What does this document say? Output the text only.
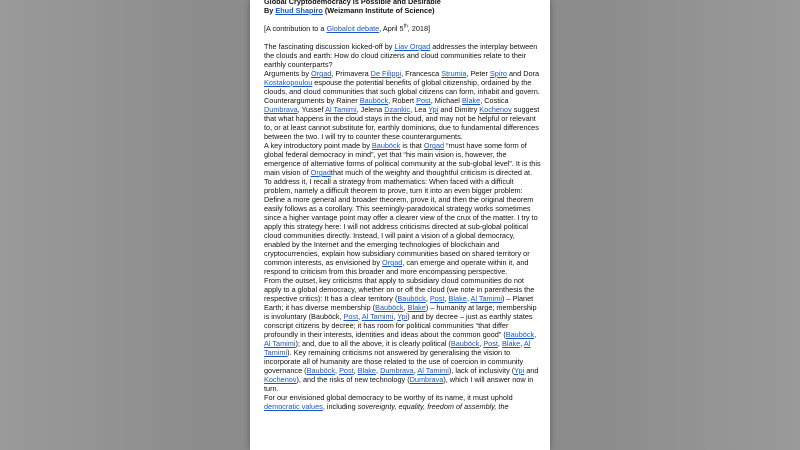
Global Cryptodemocracy is Possible and Desirable

By Ehud Shapiro (Weizmann Institute of Science)

[A contribution to a Globalcit debate, April 5th, 2018]

The fascinating discussion kicked-off by Liav Orgad addresses the interplay between the clouds and earth: How do cloud citizens and cloud communities relate to their earthly counterparts?

Arguments by Orgad, Primavera De Filippi, Francesca Strumia, Peter Spiro and Dora Kostakopoulou espouse the potential benefits of global citizenship, ordained by the clouds, and cloud communities that such global citizens can form, inhabit and govern. Counterarguments by Rainer Bauböck, Robert Post, Michael Blake, Costica Dumbrava, Yussef Al Tamimi, Jelena Dzankic, Lea Ypi and Dimitry Kochenov suggest that what happens in the cloud stays in the cloud, and may not be helpful or relevant to, or at least cannot substitute for, earthly dominions, due to fundamental differences between the two. I will try to counter these counterarguments.

A key introductory point made by Bauböck is that Orgad “must have some form of global federal democracy in mind”, yet that “his main vision is, however, the emergence of alternative forms of political community at the sub-global level”. It is this main vision of Orgadthat much of the weighty and thoughtful criticism is directed at.

To address it, I recall a strategy from mathematics: When faced with a difficult problem, namely a difficult theorem to prove, turn it into an even bigger problem: Define a more general and broader theorem, prove it, and then the original theorem easily follows as a corollary. This seemingly-paradoxical strategy works sometimes since a higher vantage point may offer a clearer view of the crux of the matter. I try to apply this strategy here: I will not address criticisms directed at sub-global political cloud communities directly. Instead, I will paint a vision of a global democracy, enabled by the Internet and the emerging technologies of blockchain and cryptocurrencies, explain how subsidiary communities based on shared territory or common interests, as envisioned by Orgad, can emerge and operate within it, and respond to criticism from this broader and more encompassing perspective.

From the outset, key criticisms that apply to subsidiary cloud communities do not apply to a global democracy, whether on or off the cloud (we note in parenthesis the respective critics): It has a clear territory (Bauböck, Post, Blake, Al Tamimi) – Planet Earth; it has diverse membership (Bauböck, Blake) – humanity at large; membership is involuntary (Bauböck, Post, Al Tamimi, Ypi) and by decree – just as earthly states conscript citizens by decree; it has room for political communities “that differ profoundly in their interests, identities and ideas about the common good” (Bauböck, Al Tamimi); and, due to all the above, it is clearly political (Bauböck, Post, Blake, Al Tamimi). Key remaining criticisms not answered by generalising the vision to incorporate all of humanity are those related to the use of coercion in community governance (Bauböck, Post, Blake, Dumbrava, Al Tamimi), lack of inclusivity (Ypi and Kochenov), and the risks of new technology (Dumbrava), which I will answer now in turn.

For our envisioned global democracy to be worthy of its name, it must uphold democratic values, including sovereignty, equality, freedom of assembly, the
